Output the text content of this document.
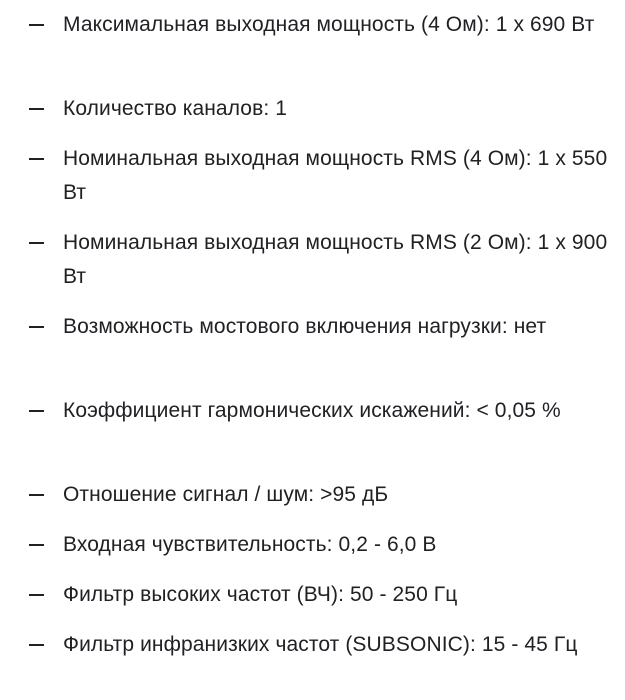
Максимальная выходная мощность (4 Ом): 1 х 690 Вт

Количество каналов: 1

Номинальная выходная мощность RMS (4 Ом): 1 х 550 Вт

Номинальная выходная мощность RMS (2 Ом): 1 х 900 Вт

Возможность мостового включения нагрузки: нет

Коэффициент гармонических искажений: < 0,05 %

Отношение сигнал / шум: >95 дБ

Входная чувствительность: 0,2 - 6,0 В

Фильтр высоких частот (ВЧ): 50 - 250 Гц

Фильтр инфранизких частот (SUBSONIC): 15 - 45 Гц
